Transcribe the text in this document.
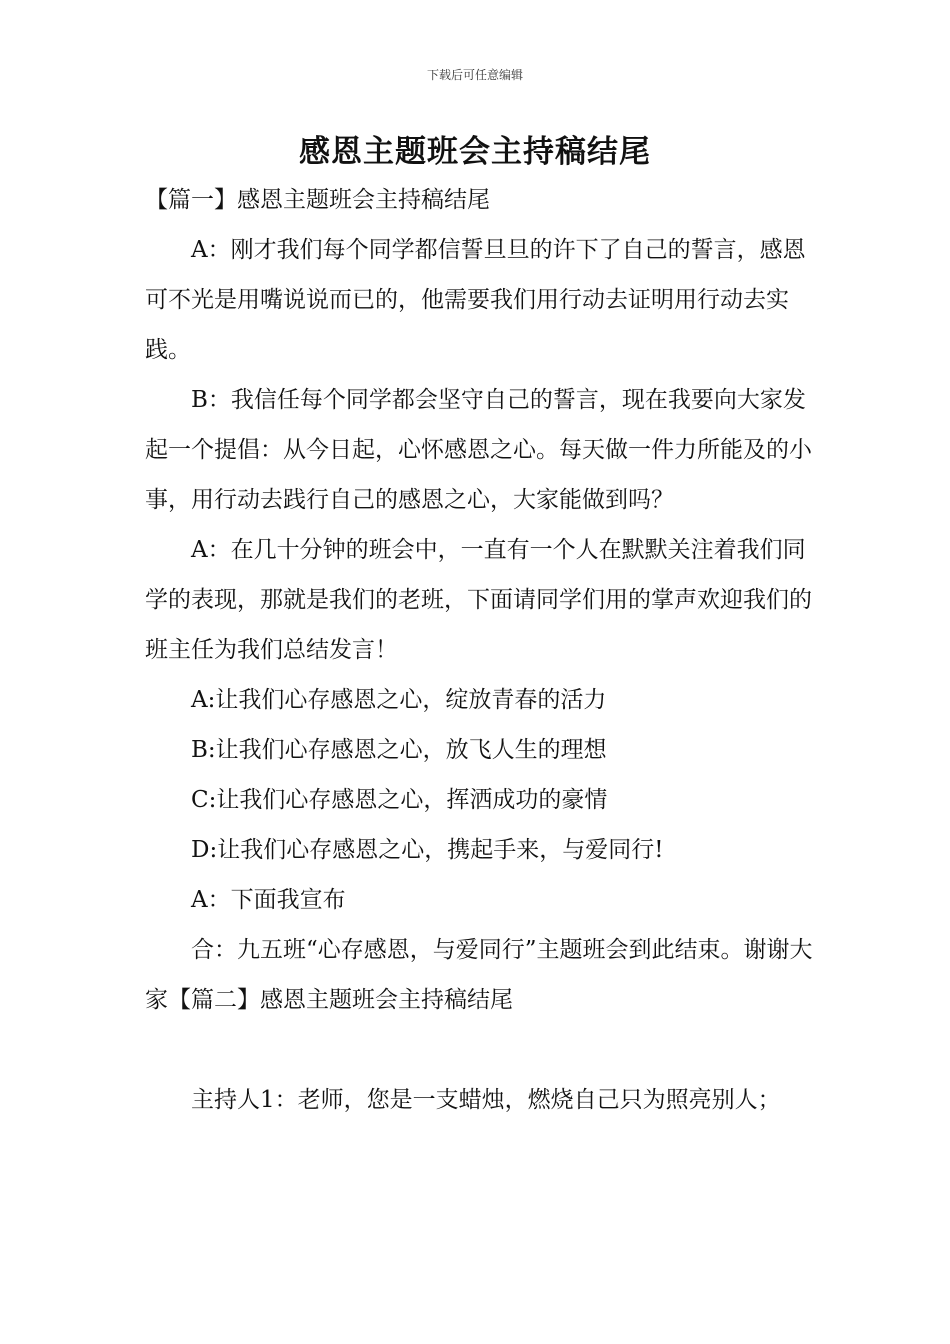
下载后可任意编辑
感恩主题班会主持稿结尾

【篇一】感恩主题班会主持稿结尾

A：刚才我们每个同学都信誓旦旦的许下了自己的誓言，感恩可不光是用嘴说说而已的，他需要我们用行动去证明用行动去实践。

B：我信任每个同学都会坚守自己的誓言，现在我要向大家发起一个提倡：从今日起，心怀感恩之心。每天做一件力所能及的小事，用行动去践行自己的感恩之心，大家能做到吗？

A：在几十分钟的班会中，一直有一个人在默默关注着我们同学的表现，那就是我们的老班，下面请同学们用的掌声欢迎我们的班主任为我们总结发言！

A:让我们心存感恩之心，绽放青春的活力

B:让我们心存感恩之心，放飞人生的理想

C:让我们心存感恩之心，挥洒成功的豪情

D:让我们心存感恩之心，携起手来，与爱同行!

A：下面我宣布

合：九五班“心存感恩，与爱同行”主题班会到此结束。谢谢大家【篇二】感恩主题班会主持稿结尾

主持人1：老师，您是一支蜡烛，燃烧自己只为照亮别人；
